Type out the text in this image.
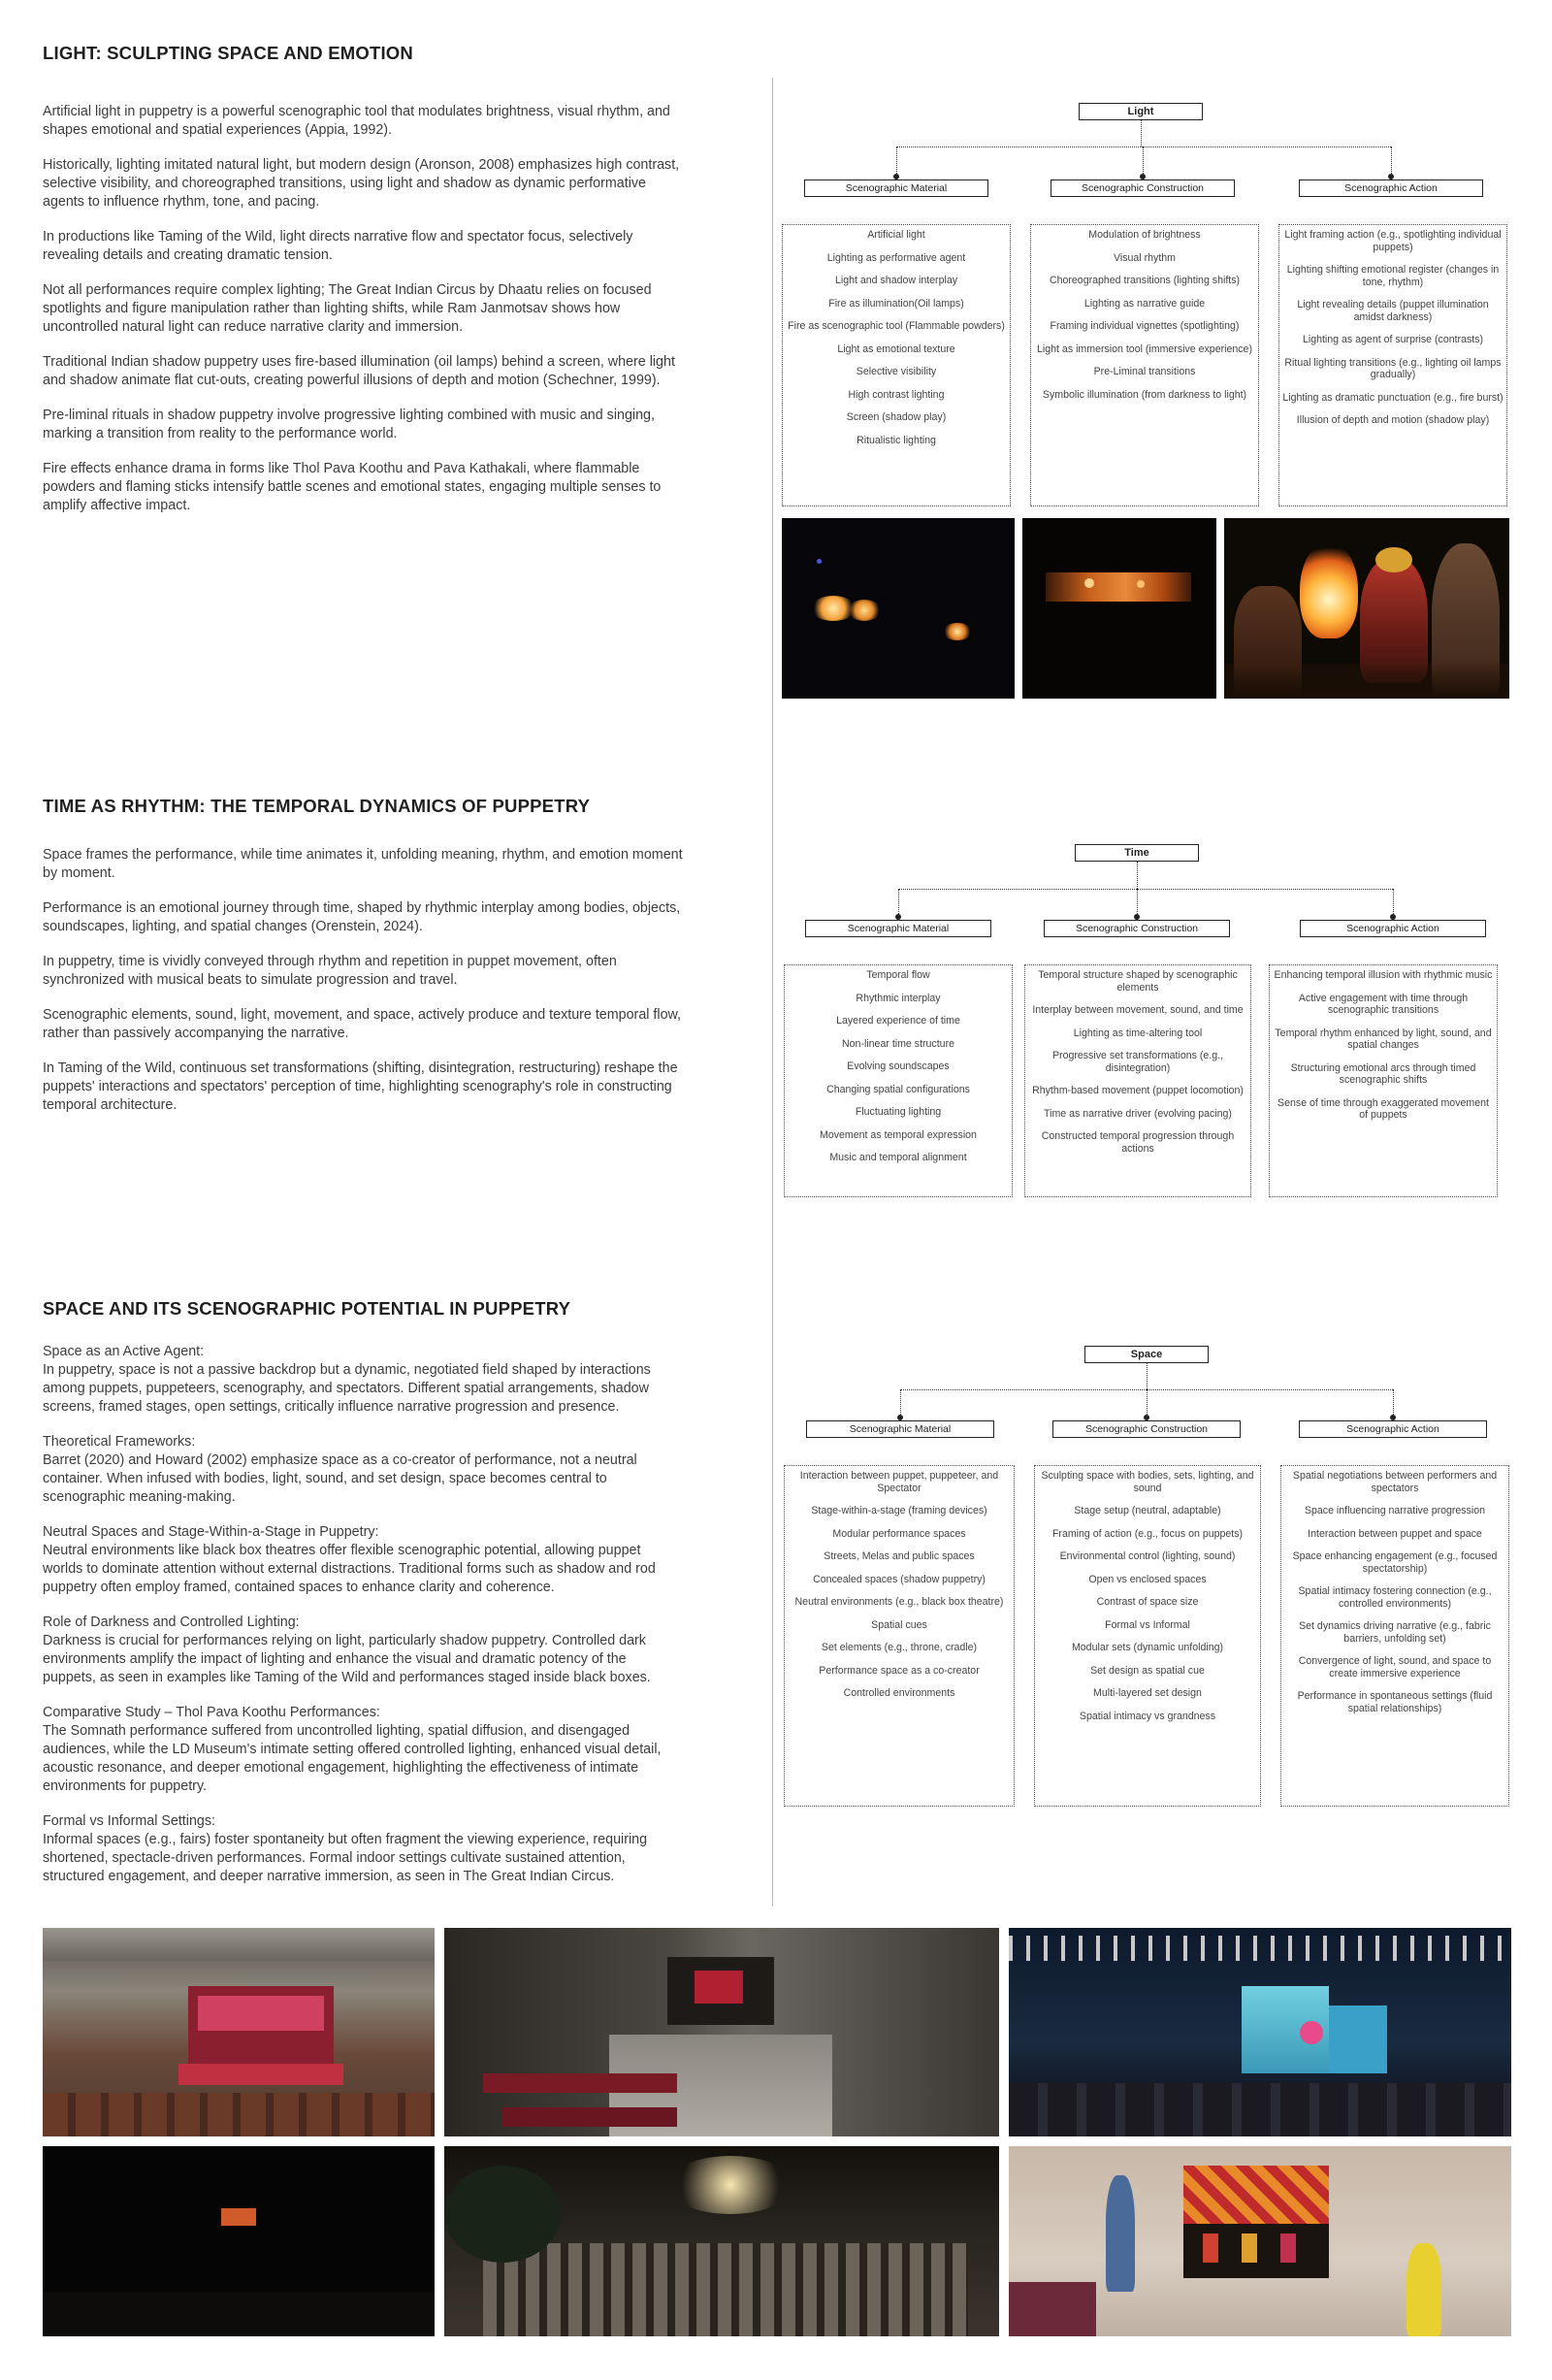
LIGHT: SCULPTING SPACE AND EMOTION

Artificial light in puppetry is a powerful scenographic tool that modulates brightness, visual rhythm, and
shapes emotional and spatial experiences (Appia, 1992).

Historically, lighting imitated natural light, but modern design (Aronson, 2008) emphasizes high contrast,
selective visibility, and choreographed transitions, using light and shadow as dynamic performative
agents to influence rhythm, tone, and pacing.

In productions like Taming of the Wild, light directs narrative flow and spectator focus, selectively
revealing details and creating dramatic tension.

Not all performances require complex lighting; The Great Indian Circus by Dhaatu relies on focused
spotlights and figure manipulation rather than lighting shifts, while Ram Janmotsav shows how
uncontrolled natural light can reduce narrative clarity and immersion.

Traditional Indian shadow puppetry uses fire-based illumination (oil lamps) behind a screen, where light
and shadow animate flat cut-outs, creating powerful illusions of depth and motion (Schechner, 1999).

Pre-liminal rituals in shadow puppetry involve progressive lighting combined with music and singing,
marking a transition from reality to the performance world.

Fire effects enhance drama in forms like Thol Pava Koothu and Pava Kathakali, where flammable
powders and flaming sticks intensify battle scenes and emotional states, engaging multiple senses to
amplify affective impact.

Light
Scenographic Material
Artificial light
Lighting as performative agent
Light and shadow interplay
Fire as illumination(Oil lamps)
Fire as scenographic tool (Flammable powders)
Light as emotional texture
Selective visibility
High contrast lighting
Screen (shadow play)
Ritualistic lighting
Scenographic Construction
Modulation of brightness
Visual rhythm
Choreographed transitions (lighting shifts)
Lighting as narrative guide
Framing individual vignettes (spotlighting)
Light as immersion tool (immersive experience)
Pre-Liminal transitions
Symbolic illumination (from darkness to light)
Scenographic Action
Light framing action (e.g., spotlighting individual puppets)
Lighting shifting emotional register (changes in tone, rhythm)
Light revealing details (puppet illumination amidst darkness)
Lighting as agent of surprise (contrasts)
Ritual lighting transitions (e.g., lighting oil lamps gradually)
Lighting as dramatic punctuation (e.g., fire burst)
Illusion of depth and motion (shadow play)
TIME AS RHYTHM: THE TEMPORAL DYNAMICS OF PUPPETRY

Space frames the performance, while time animates it, unfolding meaning, rhythm, and emotion moment
by moment.

Performance is an emotional journey through time, shaped by rhythmic interplay among bodies, objects,
soundscapes, lighting, and spatial changes (Orenstein, 2024).

In puppetry, time is vividly conveyed through rhythm and repetition in puppet movement, often
synchronized with musical beats to simulate progression and travel.

Scenographic elements, sound, light, movement, and space, actively produce and texture temporal flow,
rather than passively accompanying the narrative.

In Taming of the Wild, continuous set transformations (shifting, disintegration, restructuring) reshape the
puppets' interactions and spectators' perception of time, highlighting scenography's role in constructing
temporal architecture.

Time
Scenographic Material
Temporal flow
Rhythmic interplay
Layered experience of time
Non-linear time structure
Evolving soundscapes
Changing spatial configurations
Fluctuating lighting
Movement as temporal expression
Music and temporal alignment
Scenographic Construction
Temporal structure shaped by scenographic elements
Interplay between movement, sound, and time
Lighting as time-altering tool
Progressive set transformations (e.g., disintegration)
Rhythm-based movement (puppet locomotion)
Time as narrative driver (evolving pacing)
Constructed temporal progression through actions
Scenographic Action
Enhancing temporal illusion with rhythmic music
Active engagement with time through scenographic transitions
Temporal rhythm enhanced by light, sound, and spatial changes
Structuring emotional arcs through timed scenographic shifts
Sense of time through exaggerated movement of puppets
SPACE AND ITS SCENOGRAPHIC POTENTIAL IN PUPPETRY

Space as an Active Agent:
In puppetry, space is not a passive backdrop but a dynamic, negotiated field shaped by interactions
among puppets, puppeteers, scenography, and spectators. Different spatial arrangements, shadow
screens, framed stages, open settings, critically influence narrative progression and presence.

Theoretical Frameworks:
Barret (2020) and Howard (2002) emphasize space as a co-creator of performance, not a neutral
container. When infused with bodies, light, sound, and set design, space becomes central to
scenographic meaning-making.

Neutral Spaces and Stage-Within-a-Stage in Puppetry:
Neutral environments like black box theatres offer flexible scenographic potential, allowing puppet
worlds to dominate attention without external distractions. Traditional forms such as shadow and rod
puppetry often employ framed, contained spaces to enhance clarity and coherence.

Role of Darkness and Controlled Lighting:
Darkness is crucial for performances relying on light, particularly shadow puppetry. Controlled dark
environments amplify the impact of lighting and enhance the visual and dramatic potency of the
puppets, as seen in examples like Taming of the Wild and performances staged inside black boxes.

Comparative Study – Thol Pava Koothu Performances:
The Somnath performance suffered from uncontrolled lighting, spatial diffusion, and disengaged
audiences, while the LD Museum's intimate setting offered controlled lighting, enhanced visual detail,
acoustic resonance, and deeper emotional engagement, highlighting the effectiveness of intimate
environments for puppetry.

Formal vs Informal Settings:
Informal spaces (e.g., fairs) foster spontaneity but often fragment the viewing experience, requiring
shortened, spectacle-driven performances. Formal indoor settings cultivate sustained attention,
structured engagement, and deeper narrative immersion, as seen in The Great Indian Circus.

Space
Scenographic Material
Interaction between puppet, puppeteer, and Spectator
Stage-within-a-stage (framing devices)
Modular performance spaces
Streets, Melas and public spaces
Concealed spaces (shadow puppetry)
Neutral environments (e.g., black box theatre)
Spatial cues
Set elements (e.g., throne, cradle)
Performance space as a co-creator
Controlled environments
Scenographic Construction
Sculpting space with bodies, sets, lighting, and sound
Stage setup (neutral, adaptable)
Framing of action (e.g., focus on puppets)
Environmental control (lighting, sound)
Open vs enclosed spaces
Contrast of space size
Formal vs Informal
Modular sets (dynamic unfolding)
Set design as spatial cue
Multi-layered set design
Spatial intimacy vs grandness
Scenographic Action
Spatial negotiations between performers and spectators
Space influencing narrative progression
Interaction between puppet and space
Space enhancing engagement (e.g., focused spectatorship)
Spatial intimacy fostering connection (e.g., controlled environments)
Set dynamics driving narrative (e.g., fabric barriers, unfolding set)
Convergence of light, sound, and space to create immersive experience
Performance in spontaneous settings (fluid spatial relationships)
